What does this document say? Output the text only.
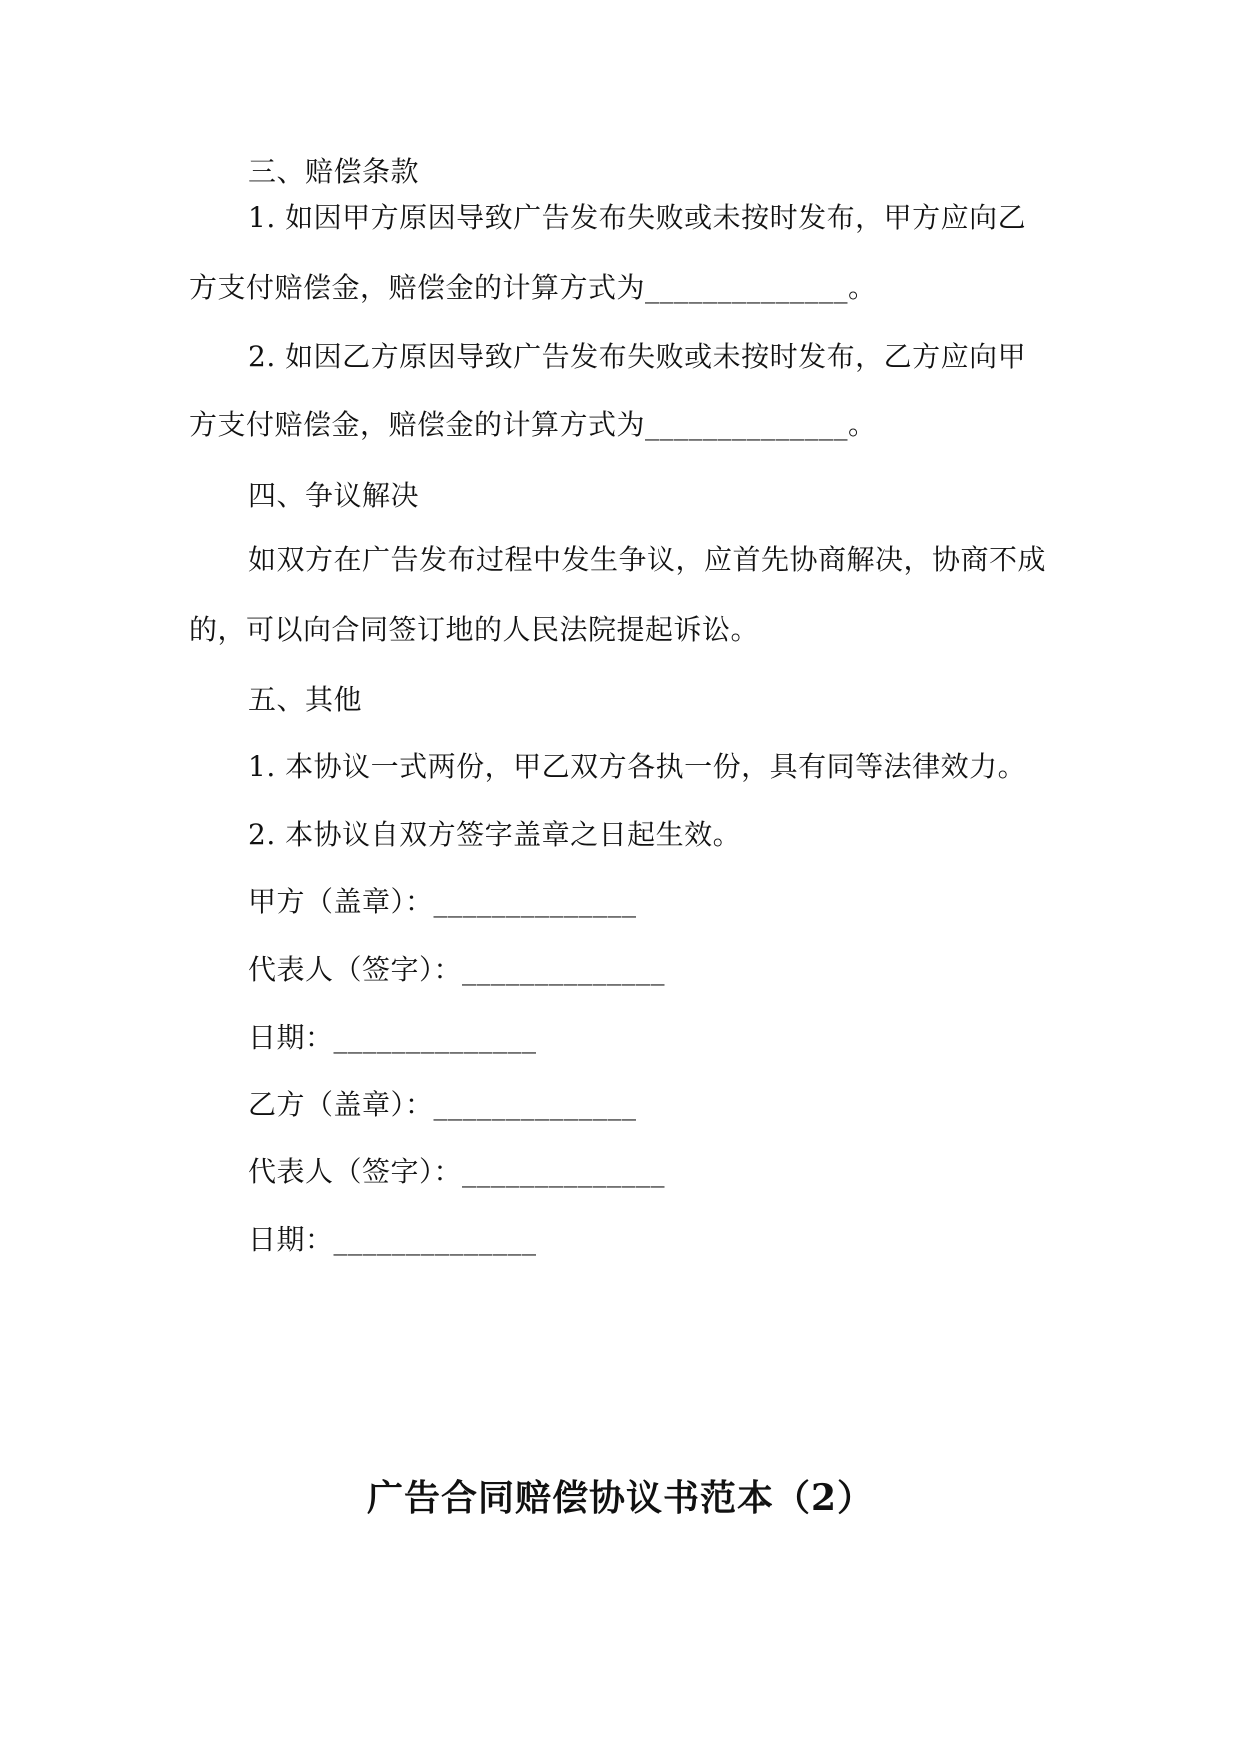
三、赔偿条款
1. 如因甲方原因导致广告发布失败或未按时发布，甲方应向乙
方支付赔偿金，赔偿金的计算方式为______________。
2. 如因乙方原因导致广告发布失败或未按时发布，乙方应向甲
方支付赔偿金，赔偿金的计算方式为______________。
四、争议解决
如双方在广告发布过程中发生争议，应首先协商解决，协商不成
的，可以向合同签订地的人民法院提起诉讼。
五、其他
1. 本协议一式两份，甲乙双方各执一份，具有同等法律效力。
2. 本协议自双方签字盖章之日起生效。
甲方（盖章）：______________
代表人（签字）：______________
日期：______________
乙方（盖章）：______________
代表人（签字）：______________
日期：______________
广告合同赔偿协议书范本（2）
